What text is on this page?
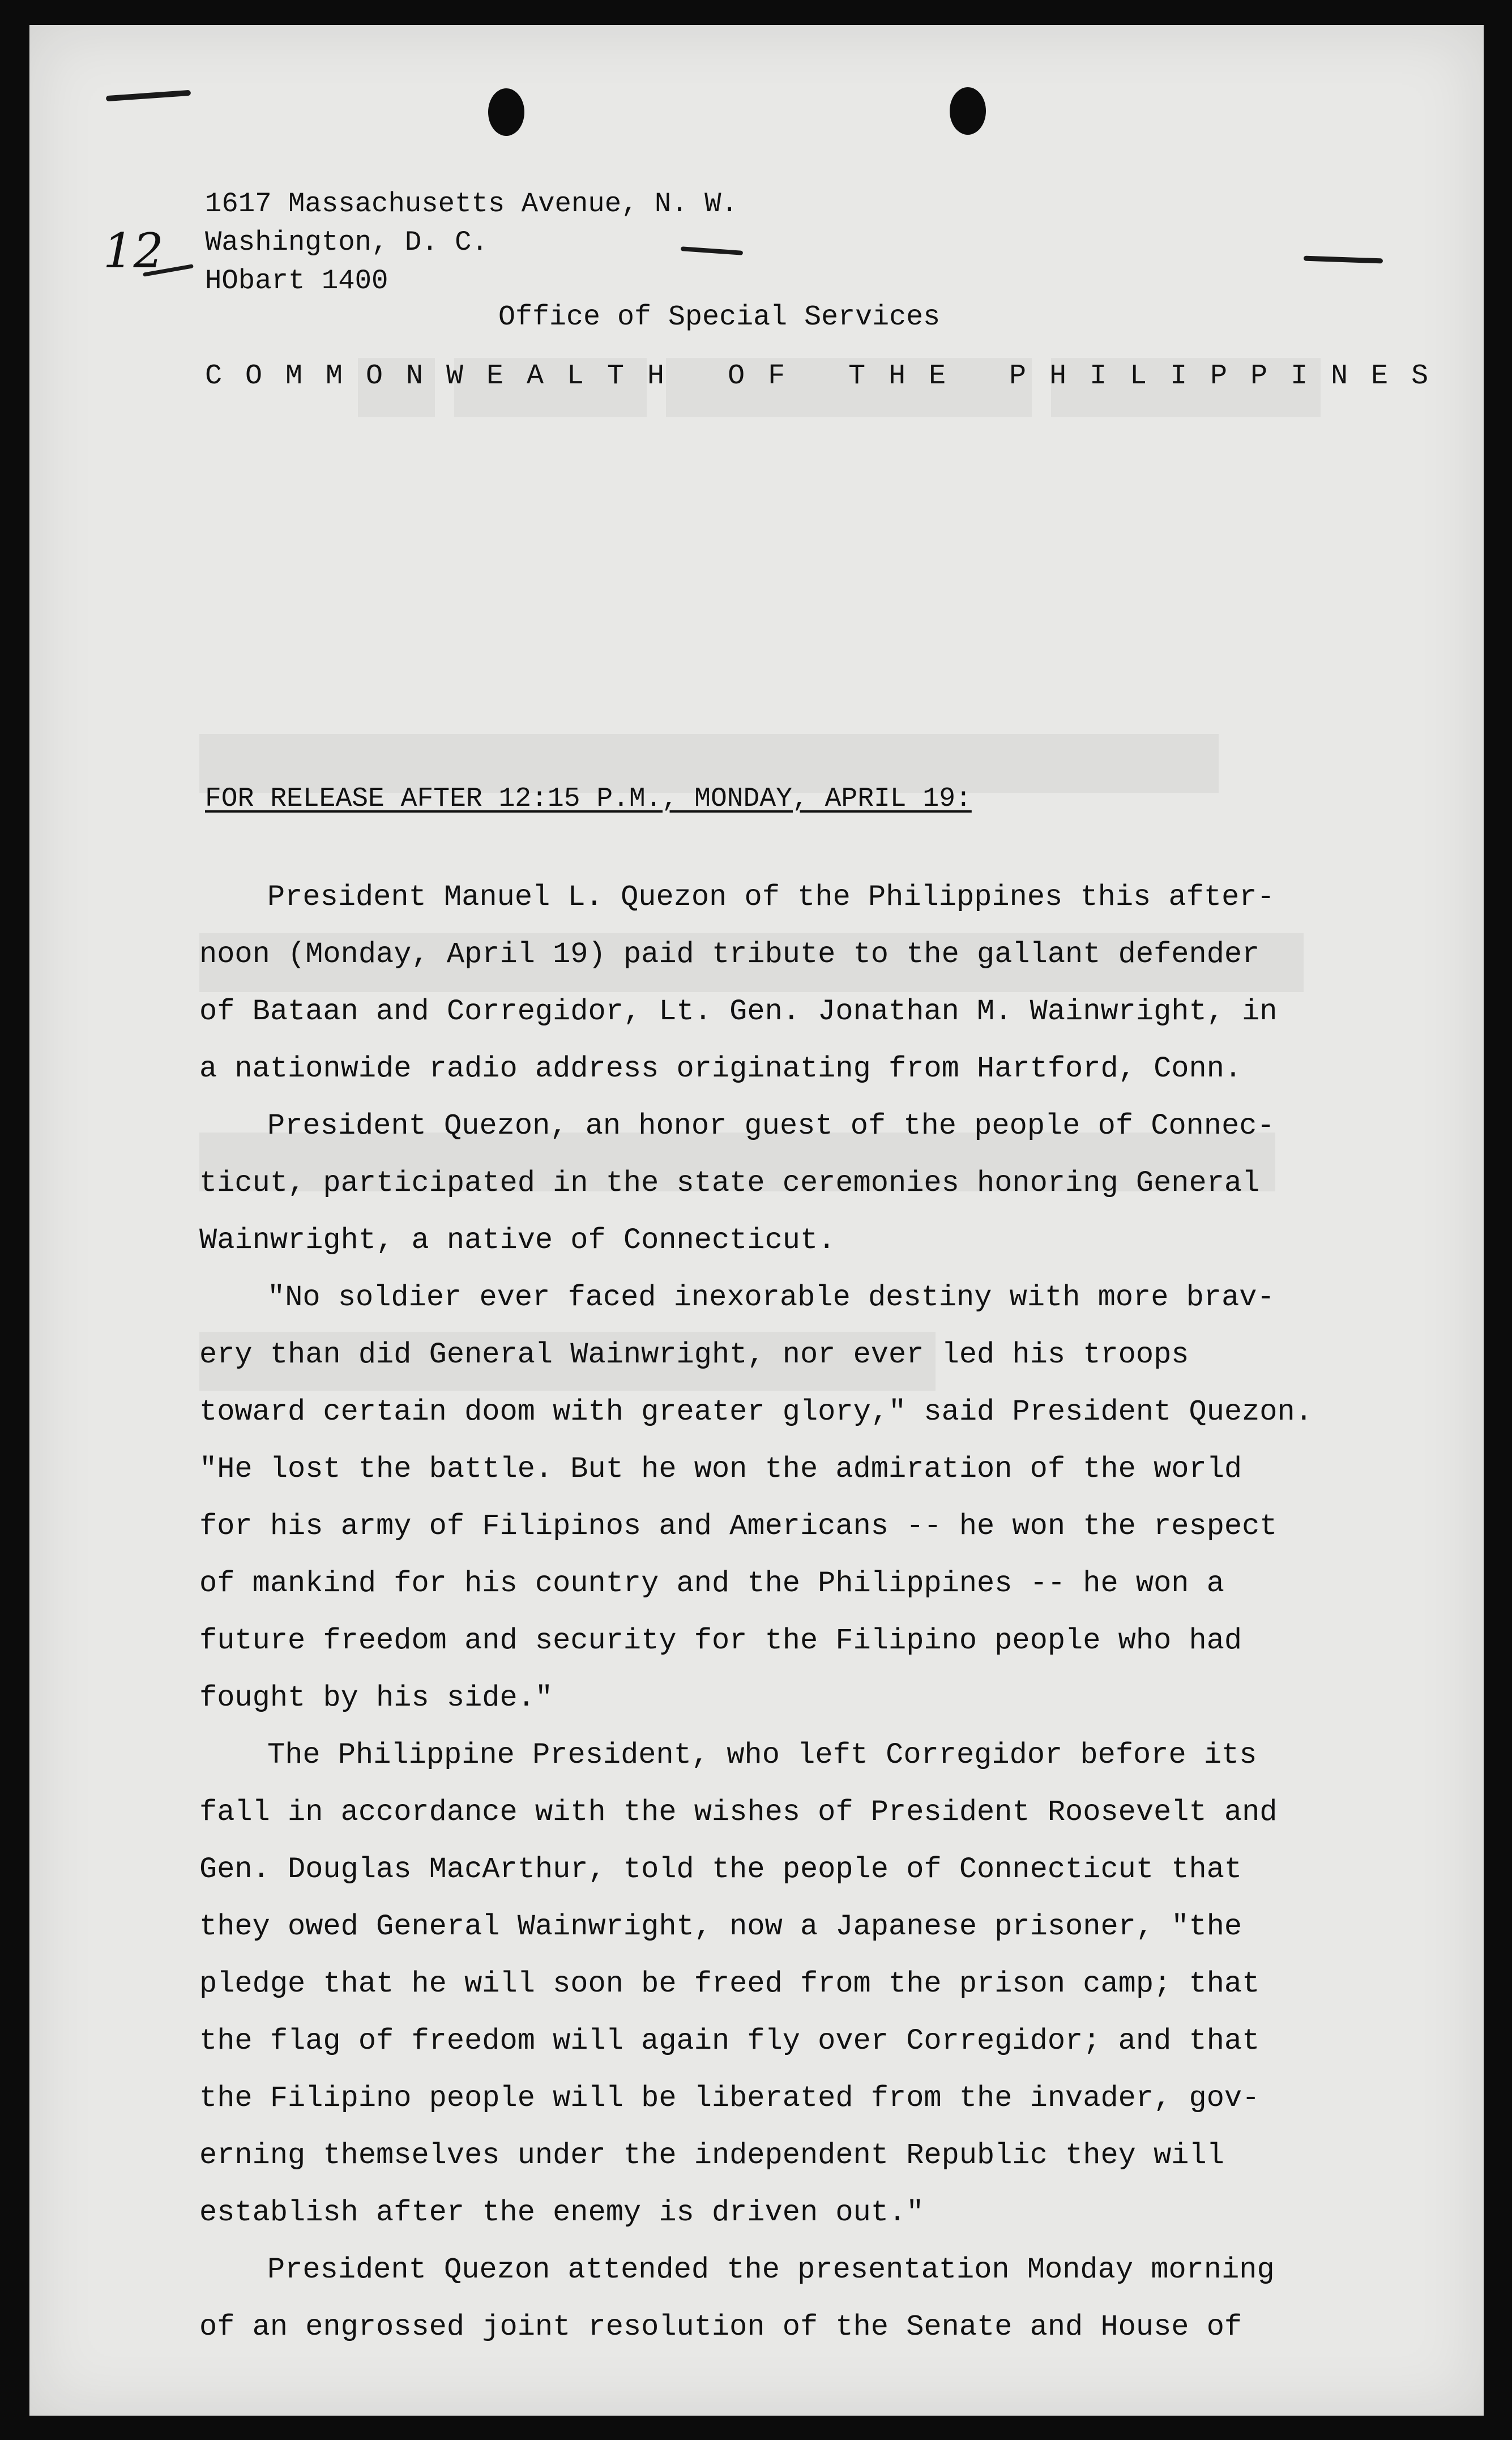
12
1617 Massachusetts Avenue, N. W.
Washington, D. C.
HObart 1400
Office of Special Services
COMMONWEALTH OF THE PHILIPPINES
FOR RELEASE AFTER 12:15 P.M., MONDAY, APRIL 19:

President Manuel L. Quezon of the Philippines this after-
noon (Monday, April 19) paid tribute to the gallant defender
of Bataan and Corregidor, Lt. Gen. Jonathan M. Wainwright, in
a nationwide radio address originating from Hartford, Conn.

President Quezon, an honor guest of the people of Connec-
ticut, participated in the state ceremonies honoring General
Wainwright, a native of Connecticut.

"No soldier ever faced inexorable destiny with more brav-
ery than did General Wainwright, nor ever led his troops
toward certain doom with greater glory," said President Quezon.
"He lost the battle. But he won the admiration of the world
for his army of Filipinos and Americans -- he won the respect
of mankind for his country and the Philippines -- he won a
future freedom and security for the Filipino people who had
fought by his side."

The Philippine President, who left Corregidor before its
fall in accordance with the wishes of President Roosevelt and
Gen. Douglas MacArthur, told the people of Connecticut that
they owed General Wainwright, now a Japanese prisoner, "the
pledge that he will soon be freed from the prison camp; that
the flag of freedom will again fly over Corregidor; and that
the Filipino people will be liberated from the invader, gov-
erning themselves under the independent Republic they will
establish after the enemy is driven out."

President Quezon attended the presentation Monday morning
of an engrossed joint resolution of the Senate and House of
